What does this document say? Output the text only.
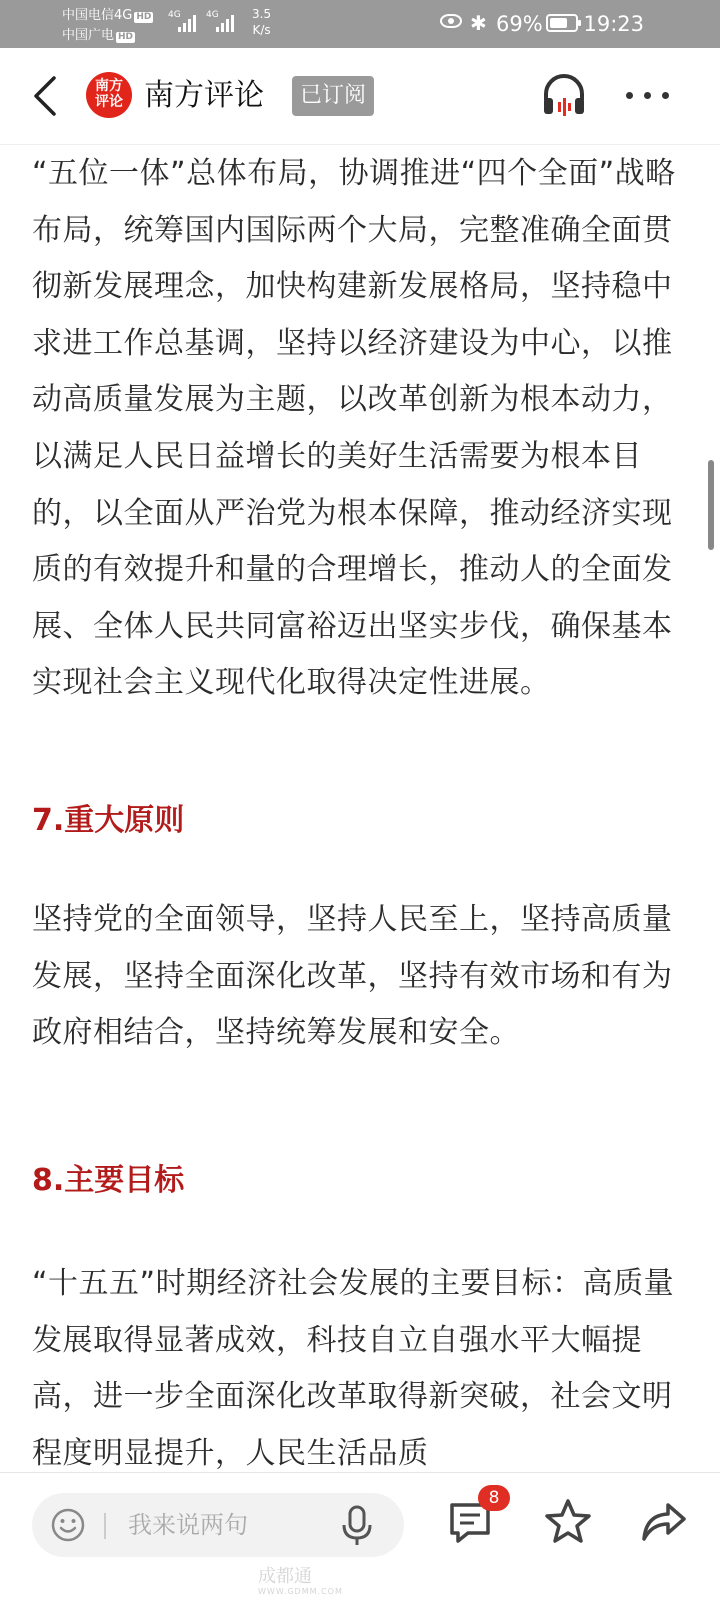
中国电信4G HD
中国广电 HD
4G	4G	3.5
K/s	✱ 69% 19:23
南方
评论 南方评论	已订阅

“五位一体”总体布局，协调推进“四个全面”战略布局，统筹国内国际两个大局，完整准确全面贯彻新发展理念，加快构建新发展格局，坚持稳中求进工作总基调，坚持以经济建设为中心，以推动高质量发展为主题，以改革创新为根本动力，以满足人民日益增长的美好生活需要为根本目的，以全面从严治党为根本保障，推动经济实现质的有效提升和量的合理增长，推动人的全面发展、全体人民共同富裕迈出坚实步伐，确保基本实现社会主义现代化取得决定性进展。

7.重大原则

坚持党的全面领导，坚持人民至上，坚持高质量发展，坚持全面深化改革，坚持有效市场和有为政府相结合，坚持统筹发展和安全。

8.主要目标

“十五五”时期经济社会发展的主要目标：高质量发展取得显著成效，科技自立自强水平大幅提高，进一步全面深化改革取得新突破，社会文明程度明显提升，人民生活品质

我来说两句
8
成都通
WWW.GDMM.COM
